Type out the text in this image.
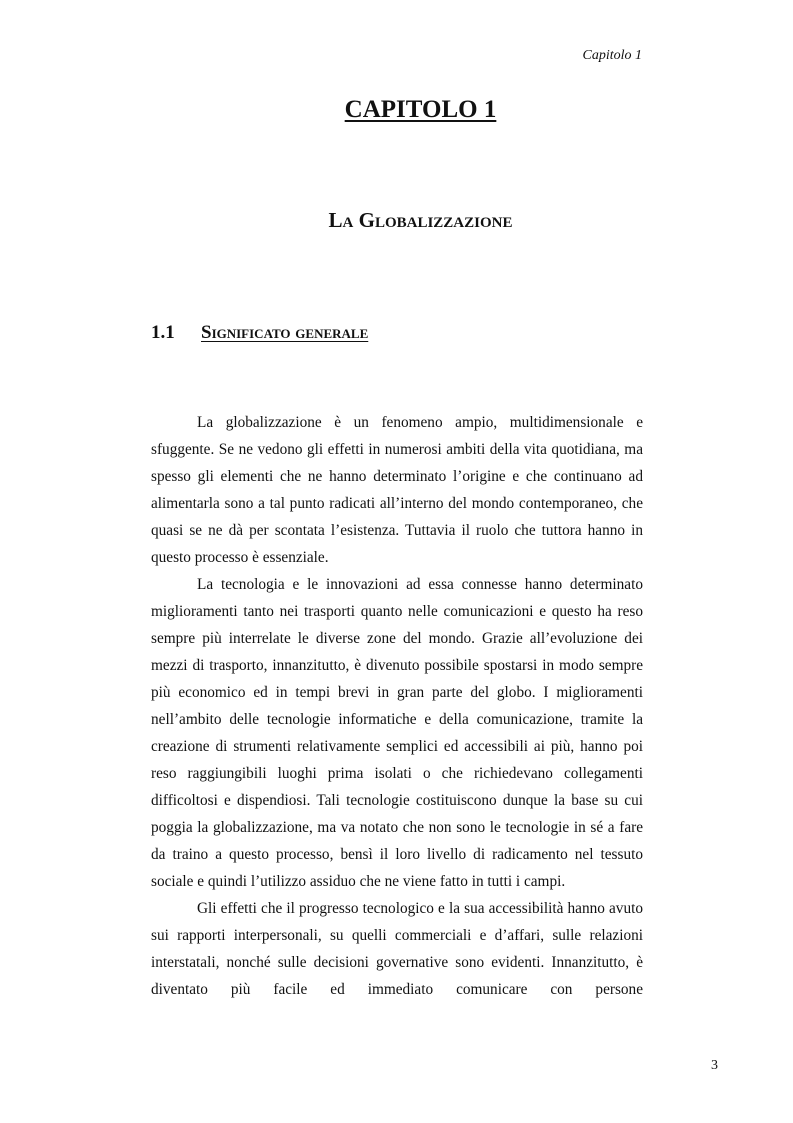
Capitolo 1
CAPITOLO 1
La Globalizzazione
1.1	Significato generale

La globalizzazione è un fenomeno ampio, multidimensionale e sfuggente. Se ne vedono gli effetti in numerosi ambiti della vita quotidiana, ma spesso gli elementi che ne hanno determinato l’origine e che continuano ad alimentarla sono a tal punto radicati all’interno del mondo contemporaneo, che quasi se ne dà per scontata l’esistenza. Tuttavia il ruolo che tuttora hanno in questo processo è essenziale.

La tecnologia e le innovazioni ad essa connesse hanno determinato miglioramenti tanto nei trasporti quanto nelle comunicazioni e questo ha reso sempre più interrelate le diverse zone del mondo. Grazie all’evoluzione dei mezzi di trasporto, innanzitutto, è divenuto possibile spostarsi in modo sempre più economico ed in tempi brevi in gran parte del globo. I miglioramenti nell’ambito delle tecnologie informatiche e della comunicazione, tramite la creazione di strumenti relativamente semplici ed accessibili ai più, hanno poi reso raggiungibili luoghi prima isolati o che richiedevano collegamenti difficoltosi e dispendiosi. Tali tecnologie costituiscono dunque la base su cui poggia la globalizzazione, ma va notato che non sono le tecnologie in sé a fare da traino a questo processo, bensì il loro livello di radicamento nel tessuto sociale e quindi l’utilizzo assiduo che ne viene fatto in tutti i campi.

Gli effetti che il progresso tecnologico e la sua accessibilità hanno avuto sui rapporti interpersonali, su quelli commerciali e d’affari, sulle relazioni interstatali, nonché sulle decisioni governative sono evidenti. Innanzitutto, è diventato più facile ed immediato comunicare con persone

3
